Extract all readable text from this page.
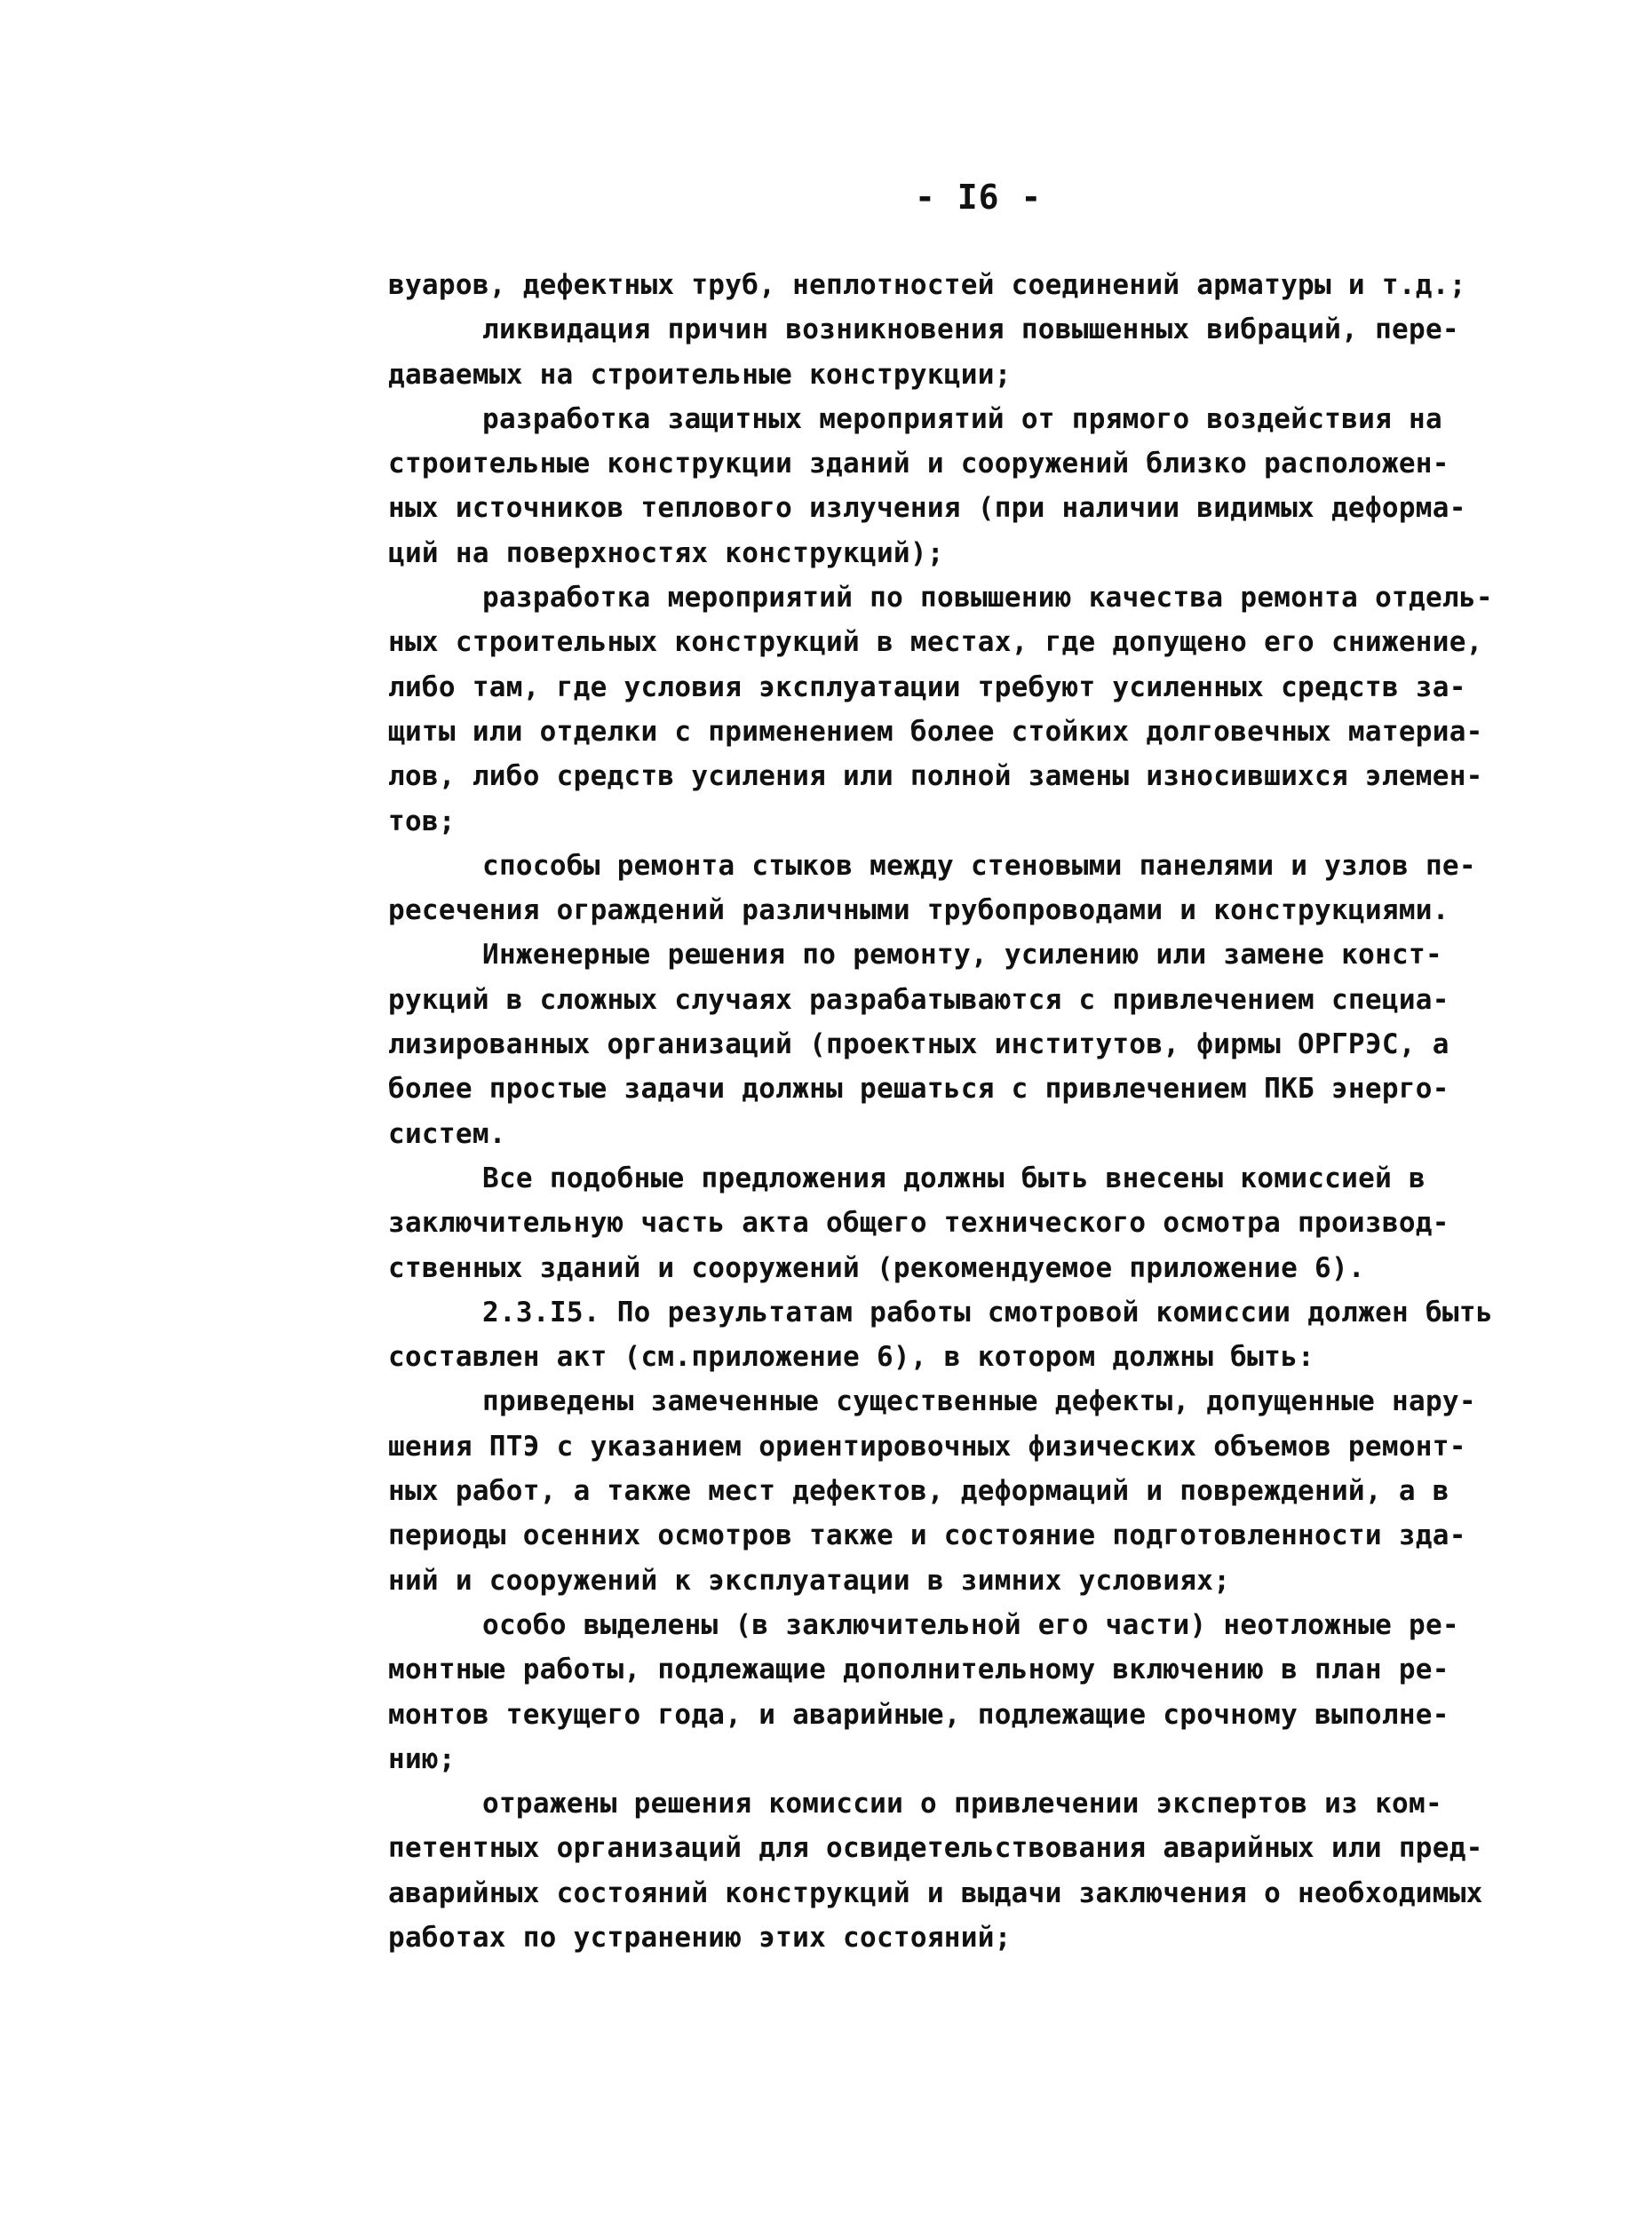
- I6 -
вуаров, дефектных труб, неплотностей соединений арматуры и т.д.;
ликвидация причин возникновения повышенных вибраций, пере-
даваемых на строительные конструкции;
разработка защитных мероприятий от прямого воздействия на
строительные конструкции зданий и сооружений близко расположен-
ных источников теплового излучения (при наличии видимых деформа-
ций на поверхностях конструкций);
разработка мероприятий по повышению качества ремонта отдель-
ных строительных конструкций в местах, где допущено его снижение,
либо там, где условия эксплуатации требуют усиленных средств за-
щиты или отделки с применением более стойких долговечных материа-
лов, либо средств усиления или полной замены износившихся элемен-
тов;
способы ремонта стыков между стеновыми панелями и узлов пе-
ресечения ограждений различными трубопроводами и конструкциями.
Инженерные решения по ремонту, усилению или замене конст-
рукций в сложных случаях разрабатываются с привлечением специа-
лизированных организаций (проектных институтов, фирмы ОРГРЭС, а
более простые задачи должны решаться с привлечением ПКБ энерго-
систем.
Все подобные предложения должны быть внесены комиссией в
заключительную часть акта общего технического осмотра производ-
ственных зданий и сооружений (рекомендуемое приложение 6).
2.3.I5. По результатам работы смотровой комиссии должен быть
составлен акт (см.приложение 6), в котором должны быть:
приведены замеченные существенные дефекты, допущенные нару-
шения ПТЭ с указанием ориентировочных физических объемов ремонт-
ных работ, а также мест дефектов, деформаций и повреждений, а в
периоды осенних осмотров также и состояние подготовленности зда-
ний и сооружений к эксплуатации в зимних условиях;
особо выделены (в заключительной его части) неотложные ре-
монтные работы, подлежащие дополнительному включению в план ре-
монтов текущего года, и аварийные, подлежащие срочному выполне-
нию;
отражены решения комиссии о привлечении экспертов из ком-
петентных организаций для освидетельствования аварийных или пред-
аварийных состояний конструкций и выдачи заключения о необходимых
работах по устранению этих состояний;
